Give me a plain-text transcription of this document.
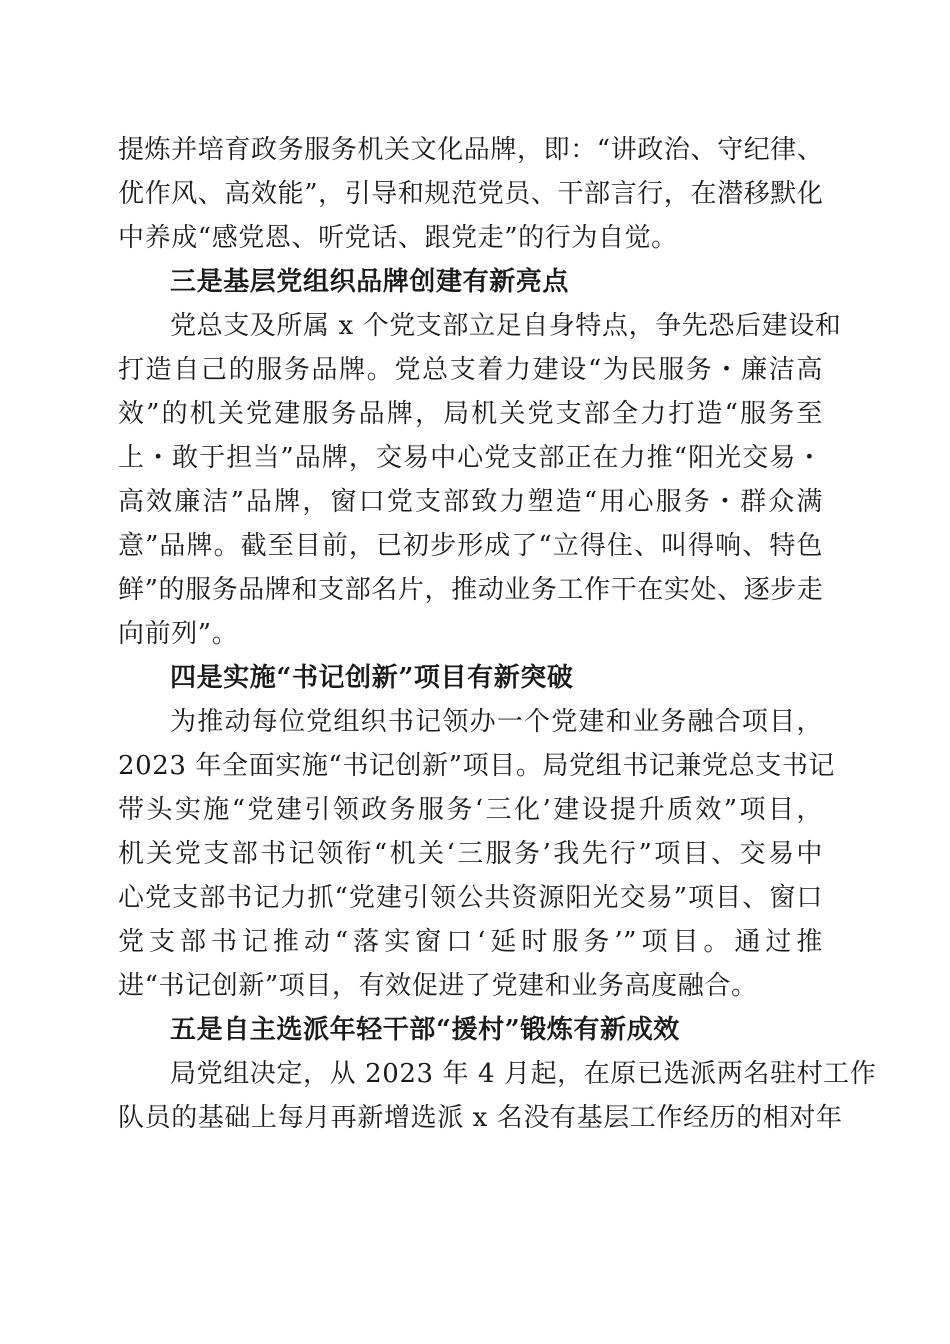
提炼并培育政务服务机关文化品牌，即：“讲政治、守纪律、
优作风、高效能”，引导和规范党员、干部言行，在潜移默化
中养成“感党恩、听党话、跟党走”的行为自觉。
三是基层党组织品牌创建有新亮点
党总支及所属 x 个党支部立足自身特点，争先恐后建设和
打造自己的服务品牌。党总支着力建设“为民服务・廉洁高
效”的机关党建服务品牌，局机关党支部全力打造“服务至
上・敢于担当”品牌，交易中心党支部正在力推“阳光交易・
高效廉洁”品牌，窗口党支部致力塑造“用心服务・群众满
意”品牌。截至目前，已初步形成了“立得住、叫得响、特色
鲜”的服务品牌和支部名片，推动业务工作干在实处、逐步走
向前列”。
四是实施“书记创新”项目有新突破
为推动每位党组织书记领办一个党建和业务融合项目，
2023 年全面实施“书记创新”项目。局党组书记兼党总支书记
带头实施“党建引领政务服务‘三化’建设提升质效”项目，
机关党支部书记领衔“机关‘三服务’我先行”项目、交易中
心党支部书记力抓“党建引领公共资源阳光交易”项目、窗口
党支部书记推动“落实窗口‘延时服务’”项目。通过推
进“书记创新”项目，有效促进了党建和业务高度融合。
五是自主选派年轻干部“援村”锻炼有新成效
局党组决定，从 2023 年 4 月起，在原已选派两名驻村工作
队员的基础上每月再新增选派 x 名没有基层工作经历的相对年
